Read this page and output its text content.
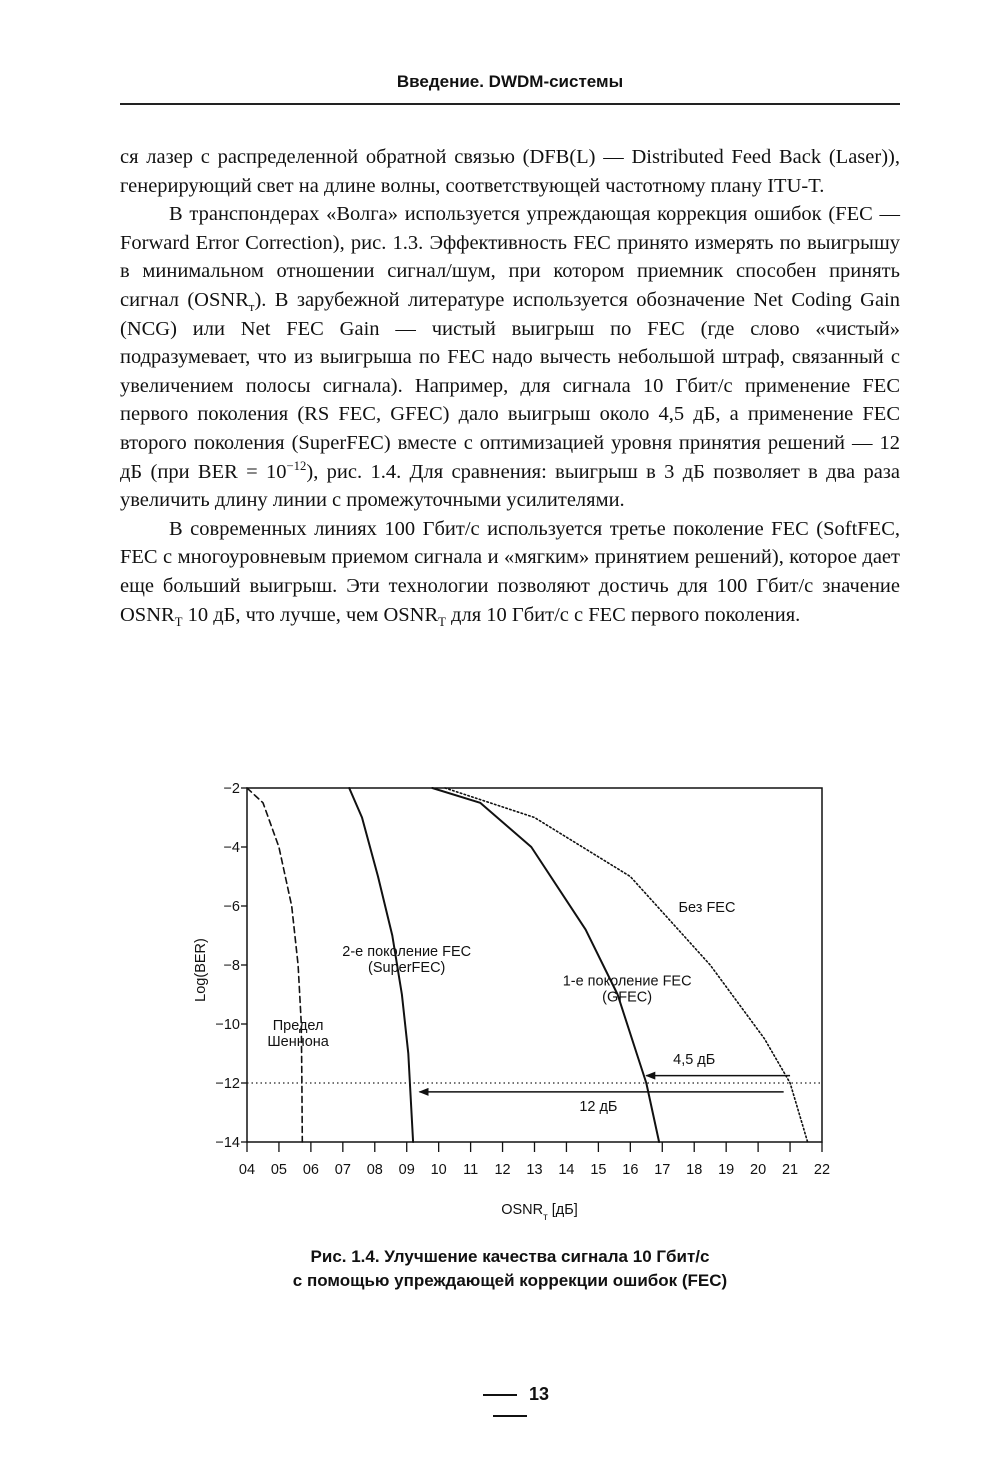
Введение. DWDM-системы

ся лазер с распределенной обратной связью (DFB(L) — Distributed Feed Back (Laser)), генерирующий свет на длине волны, соответствующей частотному плану ITU-T.

В транспондерах «Волга» используется упреждающая коррекция ошибок (FEC — Forward Error Correction), рис. 1.3. Эффективность FEC принято измерять по выигрышу в минимальном отношении сигнал/шум, при котором приемник способен принять сигнал $(OSNR_т)$. В зарубежной литературе используется обозначение Net Coding Gain (NCG) или Net FEC Gain — чистый выигрыш по FEC (где слово «чистый» подразумевает, что из выигрыша по FEC надо вычесть небольшой штраф, связанный с увеличением полосы сигнала). Например, для сигнала 10 Гбит/с применение FEC первого поколения (RS FEC, GFEC) дало выигрыш около 4,5 дБ, а применение FEC второго поколения (SuperFEC) вместе с оптимизацией уровня принятия решений — 12 дБ (при BER = $10^{-12}$), рис. 1.4. Для сравнения: выигрыш в 3 дБ позволяет в два раза увеличить длину линии с промежуточными усилителями.

В современных линиях 100 Гбит/с используется третье поколение FEC (SoftFEC, FEC с многоуровневым приемом сигнала и «мягким» принятием решений), которое дает еще больший выигрыш. Эти технологии позволяют достичь для 100 Гбит/с значение $OSNR_Т$ 10 дБ, что лучше, чем $OSNR_Т$ для 10 Гбит/с с FEC первого поколения.

04 05 06 07 08 09 10 11 12 13 14 15 16 17 18 19 20 21 22
−2
−4
−6
−8
−10
−12
−14
$OSNR_т$ [дБ]
Log(BER)
Без FEC
2-е поколение FEC
(SuperFEC)
1-е поколение FEC
(GFEC)
Предел
Шеннона
4,5 дБ
12 дБ
Рис. 1.4. Улучшение качества сигнала 10 Гбит/с
с помощью упреждающей коррекции ошибок (FEC)
13
